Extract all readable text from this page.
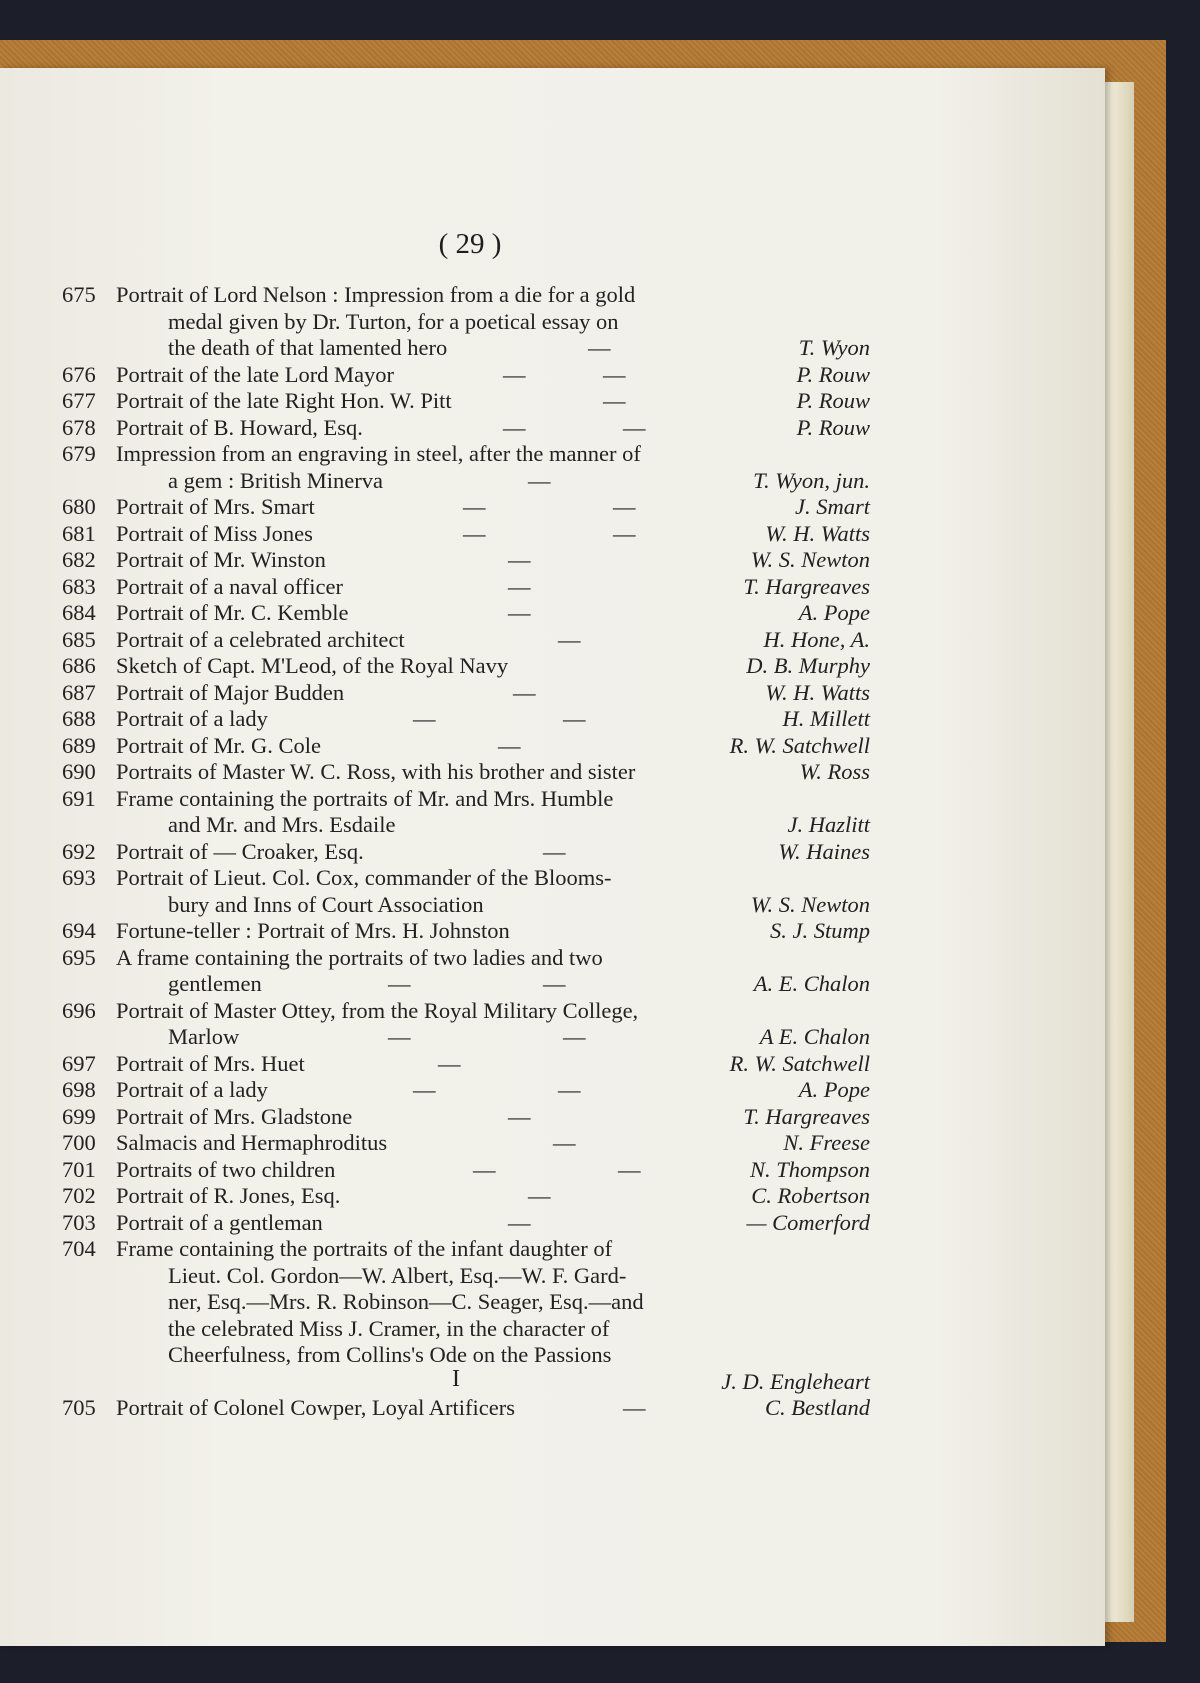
( 29 )
675 Portrait of Lord Nelson : Impression from a die for a gold
medal given by Dr. Turton, for a poetical essay on
the death of that lamented hero	—	T. Wyon
676 Portrait of the late Lord Mayor	—	—	P. Rouw
677 Portrait of the late Right Hon. W. Pitt	—	P. Rouw
678 Portrait of B. Howard, Esq.	—	—	P. Rouw
679 Impression from an engraving in steel, after the manner of
a gem : British Minerva	—	T. Wyon, jun.
680 Portrait of Mrs. Smart	—	—	J. Smart
681 Portrait of Miss Jones	—	—	W. H. Watts
682 Portrait of Mr. Winston	—	W. S. Newton
683 Portrait of a naval officer	—	T. Hargreaves
684 Portrait of Mr. C. Kemble	—	A. Pope
685 Portrait of a celebrated architect	—	H. Hone, A.
686 Sketch of Capt. M'Leod, of the Royal Navy	D. B. Murphy
687 Portrait of Major Budden	—	W. H. Watts
688 Portrait of a lady	—	—	H. Millett
689 Portrait of Mr. G. Cole	—	R. W. Satchwell
690 Portraits of Master W. C. Ross, with his brother and sister	W. Ross
691 Frame containing the portraits of Mr. and Mrs. Humble
and Mr. and Mrs. Esdaile	J. Hazlitt
692 Portrait of — Croaker, Esq.	—	W. Haines
693 Portrait of Lieut. Col. Cox, commander of the Blooms-
bury and Inns of Court Association	W. S. Newton
694 Fortune-teller : Portrait of Mrs. H. Johnston	S. J. Stump
695 A frame containing the portraits of two ladies and two
gentlemen	—	—	A. E. Chalon
696 Portrait of Master Ottey, from the Royal Military College,
Marlow	—	—	A E. Chalon
697 Portrait of Mrs. Huet	—	R. W. Satchwell
698 Portrait of a lady	—	—	A. Pope
699 Portrait of Mrs. Gladstone	—	T. Hargreaves
700 Salmacis and Hermaphroditus	—	N. Freese
701 Portraits of two children	—	—	N. Thompson
702 Portrait of R. Jones, Esq.	—	C. Robertson
703 Portrait of a gentleman	—	— Comerford
704 Frame containing the portraits of the infant daughter of
Lieut. Col. Gordon—W. Albert, Esq.—W. F. Gard-
ner, Esq.—Mrs. R. Robinson—C. Seager, Esq.—and
the celebrated Miss J. Cramer, in the character of
Cheerfulness, from Collins's Ode on the Passions
J. D. Engleheart
705 Portrait of Colonel Cowper, Loyal Artificers	—	C. Bestland
I
